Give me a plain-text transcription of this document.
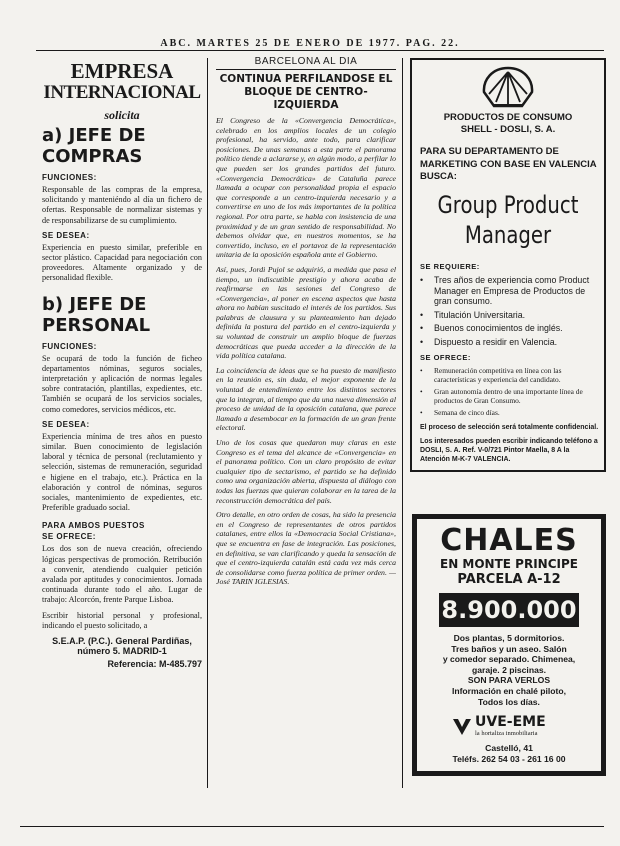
ABC. MARTES 25 DE ENERO DE 1977. PAG. 22.
EMPRESA
INTERNACIONAL
solicita
a) JEFE DE COMPRAS
FUNCIONES:

Responsable de las compras de la empresa, solicitando y manteniéndo al día un fichero de ofertas. Responsable de normalizar sistemas y de responsabilizarse de su cumplimiento.

SE DESEA:

Experiencia en puesto similar, preferible en sector plástico. Capacidad para negociación con proveedores. Altamente organizado y de personalidad flexible.

b) JEFE DE PERSONAL
FUNCIONES:

Se ocupará de todo la función de ficheo departamentos nóminas, seguros sociales, interpretación y aplicación de normas legales sobre contratación, plantillas, expedientes, etc. También se ocupará de los servicios sociales, como comedores, servicios médicos, etc.

SE DESEA:

Experiencia mínima de tres años en puesto similar. Buen conocimiento de legislación laboral y técnica de personal (reclutamiento y selección, sistemas de remuneración, seguridad e higiene en el trabajo, etc.). Práctica en la elaboración y control de nóminas, seguros sociales, mantenimiento de expedientes, etc. Preferible graduado social.

PARA AMBOS PUESTOS
SE OFRECE:

Los dos son de nueva creación, ofreciendo lógicas perspectivas de promoción. Retribución a convenir, atendiendo cualquier petición avalada por aptitudes y conocimientos. Jornada continuada durante todo el año. Lugar de trabajo: Alcorcón, frente Parque Lisboa.

Escribir historial personal y profesional, indicando el puesto solicitado, a

S.E.A.P. (P.C.). General Pardiñas,
número 5. MADRID-1
Referencia: M-485.797
BARCELONA AL DIA
CONTINUA PERFILANDOSE EL
BLOQUE DE CENTRO-IZQUIERDA

El Congreso de la «Convergencia Democrática», celebrado en los amplios locales de un colegio profesional, ha servido, ante todo, para clarificar posiciones. De unas semanas a esta parte el panorama político tiende a aclararse y, en algún modo, a perfilar lo que pueden ser los grandes partidos del futuro. «Convergencia Democrática» de Cataluña parece llamada a ocupar con personalidad propia el espacio que corresponde a un centro-izquierda necesario y a convertirse en uno de los más importantes de la política regional. Por otra parte, se habla con insistencia de una proximidad y de un gran sentido de responsabilidad. No debemos olvidar que, en nuestros momentos, se ha convertido, incluso, en el portavoz de la representación unitaria de la oposición española ante el Gobierno.

Así, pues, Jordi Pujol se adquirió, a medida que pasa el tiempo, un indiscutible prestigio y ahora acaba de reafirmarse en las sesiones del Congreso de «Convergencia», al poner en escena aspectos que hasta ahora no habían suscitado el interés de los partidos. Sus palabras de clausura y su planteamiento han dejado definida la postura del partido en el centro-izquierda y su voluntad de construir un amplio bloque de fuerzas democráticas que pueda acceder a la dirección de la vida política catalana.

La coincidencia de ideas que se ha puesto de manifiesto en la reunión es, sin duda, el mejor exponente de la voluntad de entendimiento entre los distintos sectores que la integran, al tiempo que da una nueva dimensión al proceso de unidad de la oposición catalana, que parece llamado a desembocar en la formación de un gran frente electoral.

Uno de los cosas que quedaron muy claras en este Congreso es el tema del alcance de «Convergencia» en el panorama político. Con un claro propósito de evitar cualquier tipo de sectarismo, el partido se ha definido como una organización abierta, dispuesta al diálogo con todas las fuerzas que quieran colaborar en la tarea de la reconstrucción democrática del país.

Otro detalle, en otro orden de cosas, ha sido la presencia en el Congreso de representantes de otros partidos catalanes, entre ellos la «Democracia Social Cristiana», que se encuentra en fase de integración. Las posiciones, en definitiva, se van clarificando y queda la sensación de que el centro-izquierda catalán está cada vez más cerca de consolidarse como fuerza política de primer orden. —José TARIN IGLESIAS.

PRODUCTOS DE CONSUMO
SHELL - DOSLI, S. A.
PARA SU DEPARTAMENTO DE MARKETING CON BASE EN VALENCIA BUSCA:
Group Product
Manager
SE REQUIERE:
•	Tres años de experiencia como Product Manager en Empresa de Productos de gran consumo.
•	Titulación Universitaria.
•	Buenos conocimientos de inglés.
•	Dispuesto a residir en Valencia.
SE OFRECE:
•	Remuneración competitiva en línea con las características y experiencia del candidato.
•	Gran autonomía dentro de una importante línea de productos de Gran Consumo.
•	Semana de cinco días.
El proceso de selección será totalmente confidencial.
Los interesados pueden escribir indicando teléfono a DOSLI, S. A. Ref. V-0/721 Pintor Maella, 8 A la Atención M-K-7 VALENCIA.
CHALES
EN MONTE PRINCIPE
PARCELA A-12
8.900.000
Dos plantas, 5 dormitorios.
Tres baños y un aseo. Salón
y comedor separado. Chimenea,
garaje. 2 piscinas.
SON PARA VERLOS
Información en chalé piloto,
Todos los días.
UVE-EME
la hortaliza inmobiliaria
Castelló, 41
Teléfs. 262 54 03 - 261 16 00
